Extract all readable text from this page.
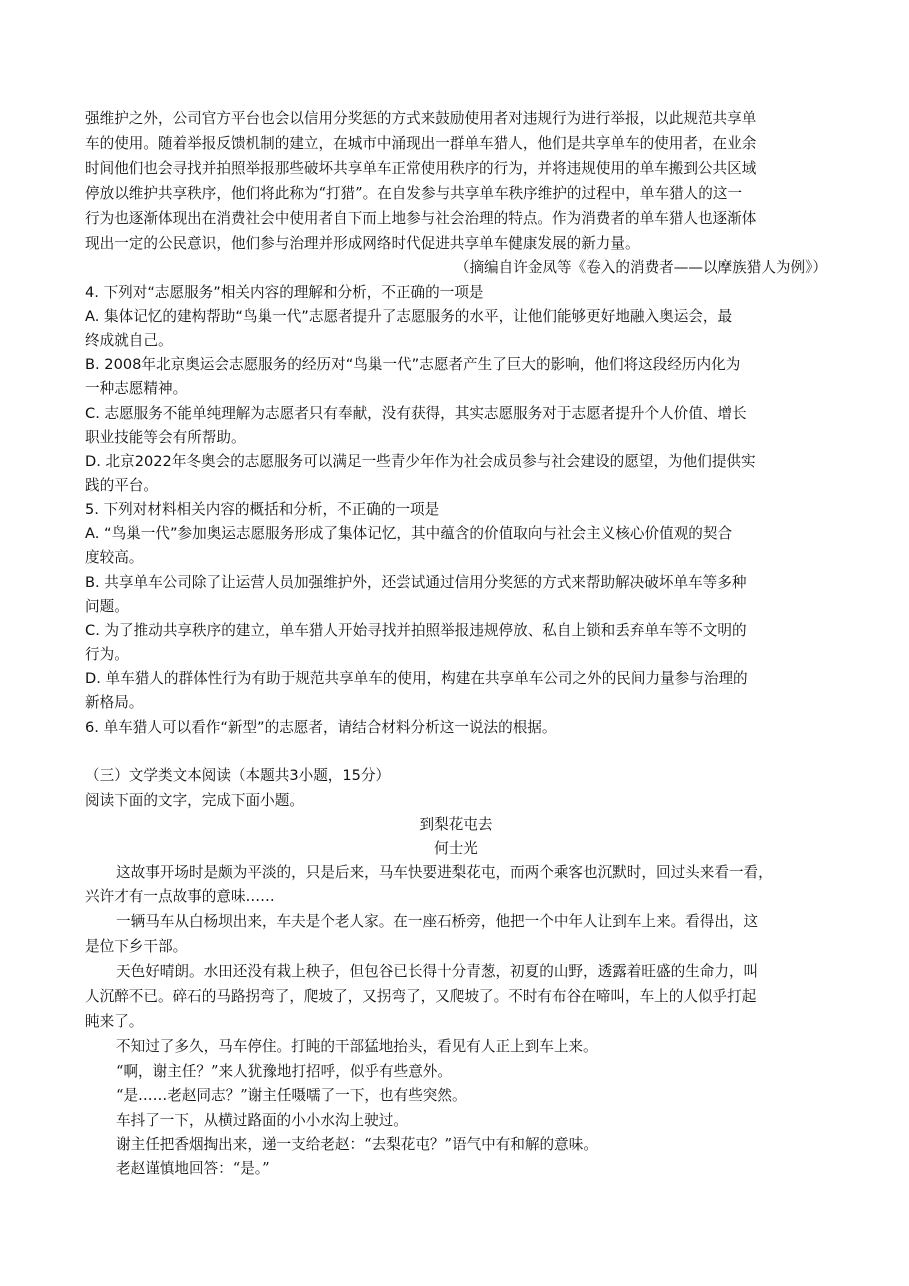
强维护之外，公司官方平台也会以信用分奖惩的方式来鼓励使用者对违规行为进行举报，以此规范共享单
车的使用。随着举报反馈机制的建立，在城市中涌现出一群单车猎人，他们是共享单车的使用者，在业余
时间他们也会寻找并拍照举报那些破坏共享单车正常使用秩序的行为，并将违规使用的单车搬到公共区域
停放以维护共享秩序，他们将此称为“打猎”。在自发参与共享单车秩序维护的过程中，单车猎人的这一
行为也逐渐体现出在消费社会中使用者自下而上地参与社会治理的特点。作为消费者的单车猎人也逐渐体
现出一定的公民意识，他们参与治理并形成网络时代促进共享单车健康发展的新力量。
（摘编自许金凤等《卷入的消费者——以摩族猎人为例》）
4. 下列对“志愿服务”相关内容的理解和分析，不正确的一项是
A. 集体记忆的建构帮助“鸟巢一代”志愿者提升了志愿服务的水平，让他们能够更好地融入奥运会，最
终成就自己。
B. 2008年北京奥运会志愿服务的经历对“鸟巢一代”志愿者产生了巨大的影响，他们将这段经历内化为
一种志愿精神。
C. 志愿服务不能单纯理解为志愿者只有奉献，没有获得，其实志愿服务对于志愿者提升个人价值、增长
职业技能等会有所帮助。
D. 北京2022年冬奥会的志愿服务可以满足一些青少年作为社会成员参与社会建设的愿望，为他们提供实
践的平台。
5. 下列对材料相关内容的概括和分析，不正确的一项是
A. “鸟巢一代”参加奥运志愿服务形成了集体记忆，其中蕴含的价值取向与社会主义核心价值观的契合
度较高。
B. 共享单车公司除了让运营人员加强维护外，还尝试通过信用分奖惩的方式来帮助解决破坏单车等多种
问题。
C. 为了推动共享秩序的建立，单车猎人开始寻找并拍照举报违规停放、私自上锁和丢弃单车等不文明的
行为。
D. 单车猎人的群体性行为有助于规范共享单车的使用，构建在共享单车公司之外的民间力量参与治理的
新格局。
6. 单车猎人可以看作“新型”的志愿者，请结合材料分析这一说法的根据。
（三）文学类文本阅读（本题共3小题，15分）
阅读下面的文字，完成下面小题。
到梨花屯去
何士光
这故事开场时是颇为平淡的，只是后来，马车快要进梨花屯，而两个乘客也沉默时，回过头来看一看，
兴许才有一点故事的意味……
一辆马车从白杨坝出来，车夫是个老人家。在一座石桥旁，他把一个中年人让到车上来。看得出，这
是位下乡干部。
天色好晴朗。水田还没有栽上秧子，但包谷已长得十分青葱，初夏的山野，透露着旺盛的生命力，叫
人沉醉不已。碎石的马路拐弯了，爬坡了，又拐弯了，又爬坡了。不时有布谷在啼叫，车上的人似乎打起
盹来了。
不知过了多久，马车停住。打盹的干部猛地抬头，看见有人正上到车上来。
“啊，谢主任？”来人犹豫地打招呼，似乎有些意外。
“是……老赵同志？”谢主任嗫嚅了一下，也有些突然。
车抖了一下，从横过路面的小小水沟上驶过。
谢主任把香烟掏出来，递一支给老赵：“去梨花屯？”语气中有和解的意味。
老赵谨慎地回答：“是。”
